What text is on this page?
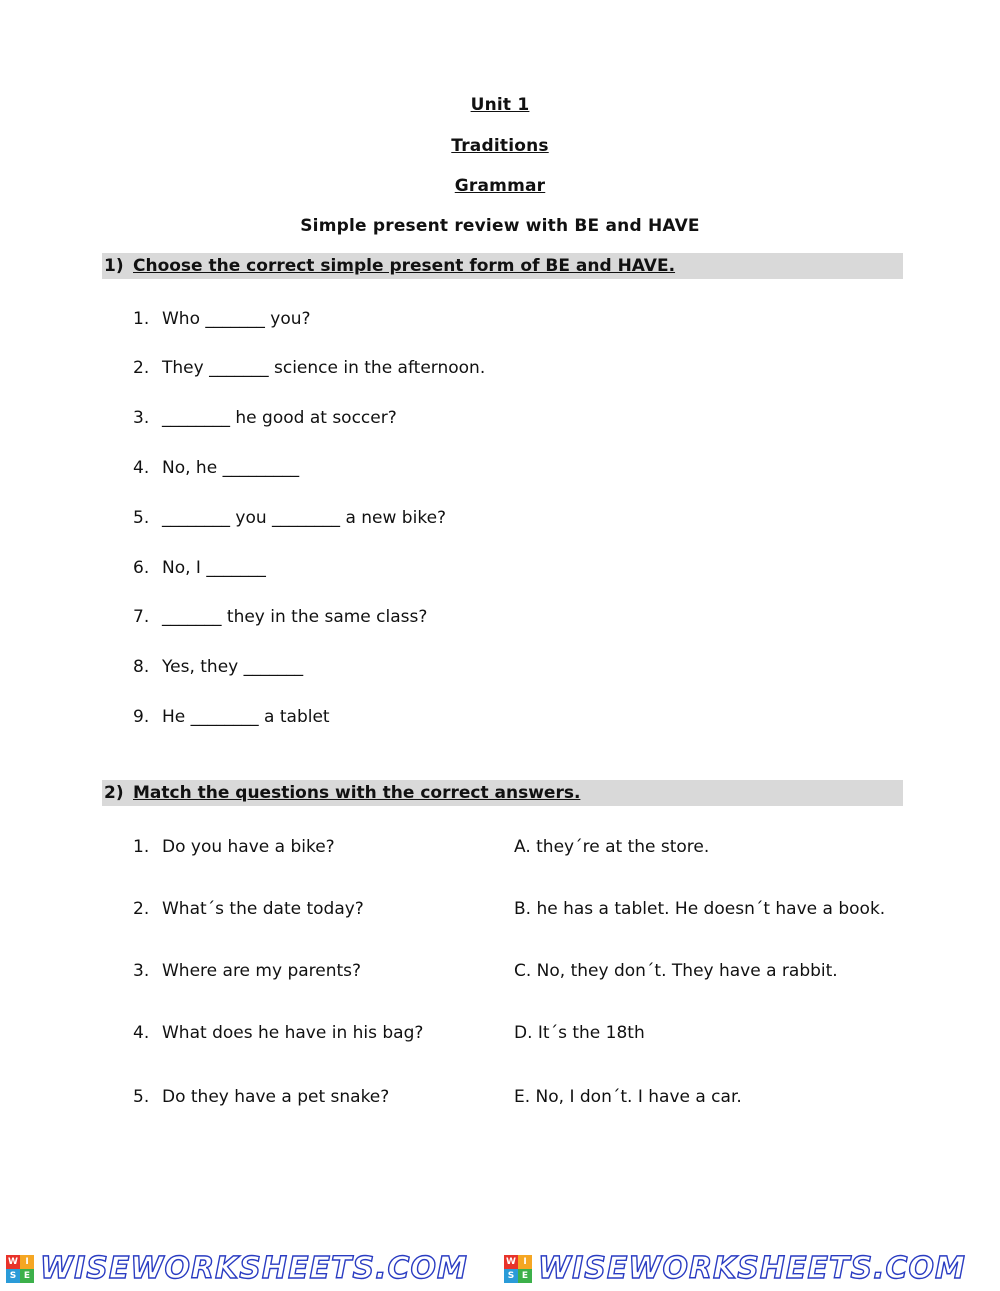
Unit 1
Traditions
Grammar
Simple present review with BE and HAVE
1) Choose the correct simple present form of BE and HAVE.
1. Who _______ you?
2. They _______ science in the afternoon.
3. ________ he good at soccer?
4. No, he _________
5. ________ you ________ a new bike?
6. No, I _______
7. _______ they in the same class?
8. Yes, they _______
9. He ________ a tablet
2) Match the questions with the correct answers.
1. Do you have a bike?	A. they´re at the store.
2. What´s the date today?	B. he has a tablet. He doesn´t have a book.
3. Where are my parents?	C. No, they don´t. They have a rabbit.
4. What does he have in his bag?	D. It´s the 18th
5. Do they have a pet snake?	E. No, I don´t. I have a car.
W I
S E WISEWORKSHEETS.COM	W I
S E WISEWORKSHEETS.COM
